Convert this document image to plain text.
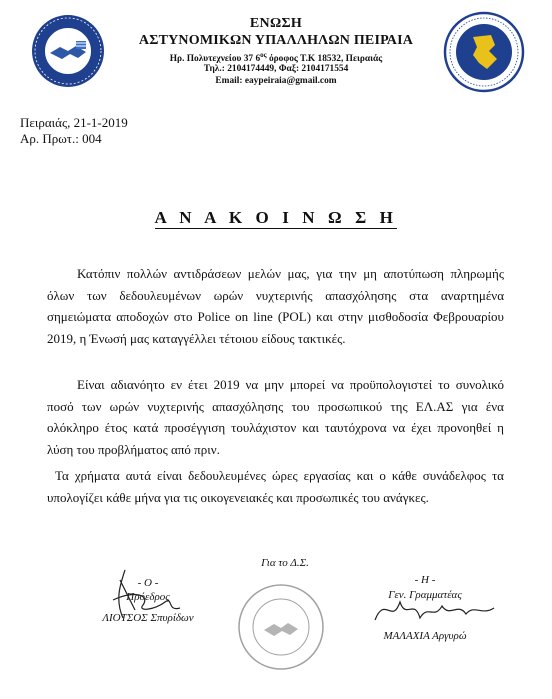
ΕΝΩΣΗ
ΑΣΤΥΝΟΜΙΚΩΝ ΥΠΑΛΛΗΛΩΝ ΠΕΙΡΑΙΑ
Ηρ. Πολυτεχνείου 37 $6^{o\varsigma}$ όροφος Τ.Κ 18532, Πειραιάς
Τηλ.: 2104174449, Φαξ: 2104171554
Email: eaypeiraia@gmail.com
Πειραιάς, 21-1-2019
Αρ. Πρωτ.: 004
Α Ν Α Κ Ο Ι Ν Ω Σ Η

Κατόπιν πολλών αντιδράσεων μελών μας, για την μη αποτύπωση πληρωμής όλων των δεδουλευμένων ωρών νυχτερινής απασχόλησης στα αναρτημένα σημειώματα αποδοχών στο Police on line (POL) και στην μισθοδοσία Φεβρουαρίου 2019, η Ένωσή μας καταγγέλλει τέτοιου είδους τακτικές.

Είναι αδιανόητο εν έτει 2019 να μην μπορεί να προϋπολογιστεί το συνολικό ποσό των ωρών νυχτερινής απασχόλησης του προσωπικού της ΕΛ.ΑΣ για ένα ολόκληρο έτος κατά προσέγγιση τουλάχιστον και ταυτόχρονα να έχει προνοηθεί η λύση του προβλήματος από πριν.

Τα χρήματα αυτά είναι δεδουλευμένες ώρες εργασίας και ο κάθε συνάδελφος τα υπολογίζει κάθε μήνα για τις οικογενειακές και προσωπικές του ανάγκες.

Για το Δ.Σ.
- Ο -
Πρόεδρος
ΛΙΟΤΣΟΣ Σπυρίδων
- Η -
Γεν. Γραμματέας
ΜΑΛΑΧΙΑ Αργυρώ
